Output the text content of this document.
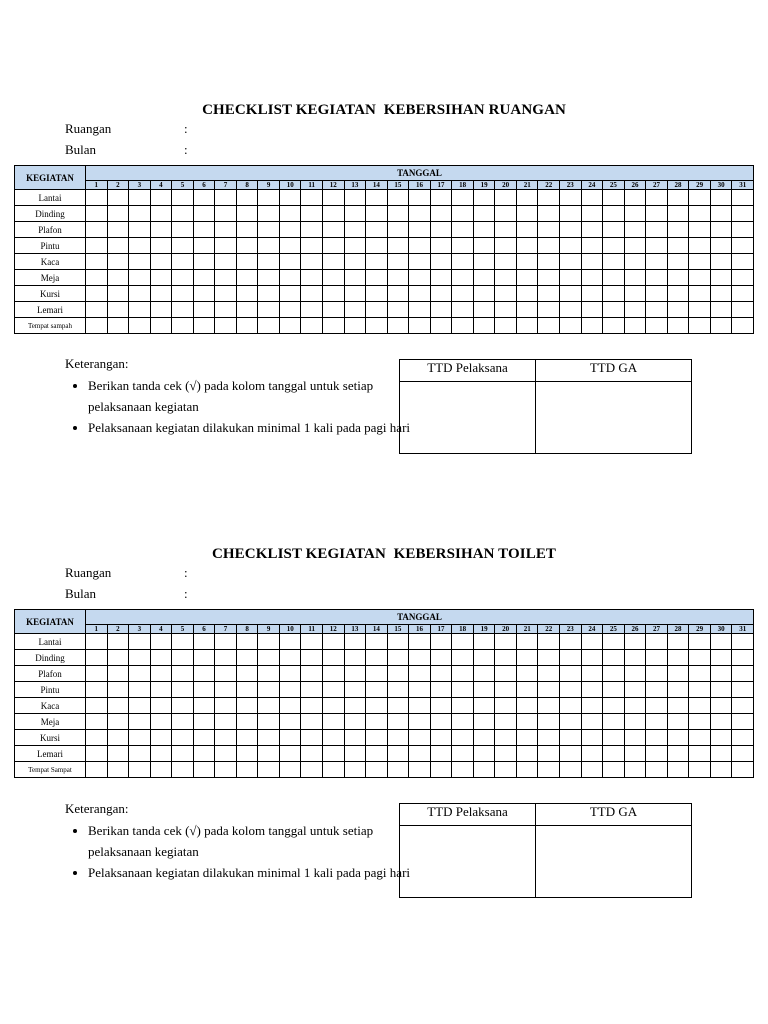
CHECKLIST KEGIATAN  KEBERSIHAN RUANGAN
Ruangan	:
Bulan	:
KEGIATAN	TANGGAL																														
	1	2	3	4	5	6	7	8	9	10	11	12	13	14	15	16	17	18	19	20	21	22	23	24	25	26	27	28	29	30	31
Lantai																															
Dinding																															
Plafon																															
Pintu																															
Kaca																															
Meja																															
Kursi																															
Lemari																															
Tempat sampah																															
Keterangan:
• Berikan tanda cek (√) pada kolom tanggal untuk setiap pelaksanaan kegiatan
• Pelaksanaan kegiatan dilakukan minimal 1 kali pada pagi hari
TTD Pelaksana	TTD GA

CHECKLIST KEGIATAN  KEBERSIHAN TOILET
Ruangan	:
Bulan	:
KEGIATAN	TANGGAL																														
	1	2	3	4	5	6	7	8	9	10	11	12	13	14	15	16	17	18	19	20	21	22	23	24	25	26	27	28	29	30	31
Lantai																															
Dinding																															
Plafon																															
Pintu																															
Kaca																															
Meja																															
Kursi																															
Lemari																															
Tempat Sampat																															
Keterangan:
• Berikan tanda cek (√) pada kolom tanggal untuk setiap pelaksanaan kegiatan
• Pelaksanaan kegiatan dilakukan minimal 1 kali pada pagi hari
TTD Pelaksana	TTD GA
